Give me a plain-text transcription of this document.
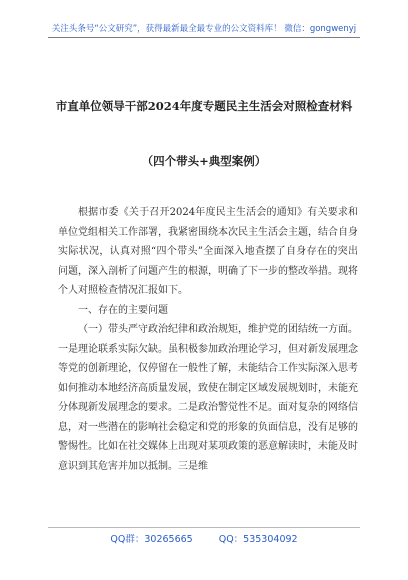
关注头条号“公文研究”，获得最新最全最专业的公文资料库！ 微信：gongwenyj
市直单位领导干部2024年度专题民主生活会对照检查材料
（四个带头+典型案例）

根据市委《关于召开2024年度民主生活会的通知》有关要求和单位党组相关工作部署，我紧密围绕本次民主生活会主题，结合自身实际状况，认真对照“四个带头”全面深入地查摆了自身存在的突出问题，深入剖析了问题产生的根源，明确了下一步的整改举措。现将个人对照检查情况汇报如下。

一、存在的主要问题

（一）带头严守政治纪律和政治规矩，维护党的团结统一方面。一是理论联系实际欠缺。虽积极参加政治理论学习，但对新发展理念等党的创新理论，仅停留在一般性了解，未能结合工作实际深入思考如何推动本地经济高质量发展，致使在制定区域发展规划时，未能充分体现新发展理念的要求。二是政治警觉性不足。面对复杂的网络信息，对一些潜在的影响社会稳定和党的形象的负面信息，没有足够的警惕性。比如在社交媒体上出现对某项政策的恶意解读时，未能及时意识到其危害并加以抵制。三是维

QQ群：30265665	QQ：535304092
